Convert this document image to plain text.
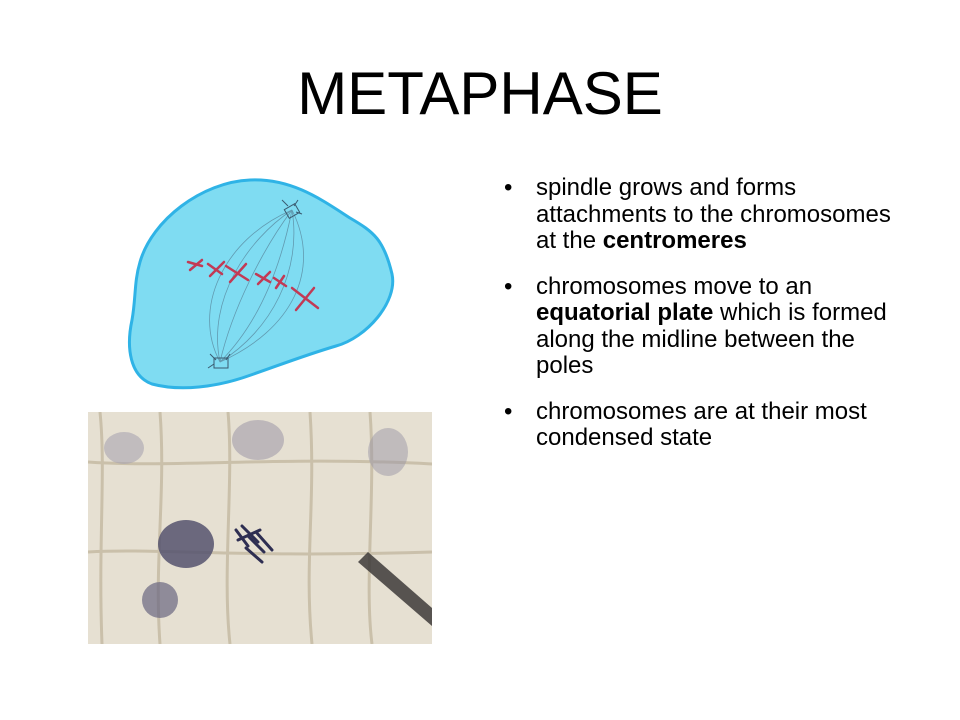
METAPHASE
• spindle grows and forms attachments to the chromosomes at the centromeres
• chromosomes move to an equatorial plate which is formed along the midline between the poles
• chromosomes are at their most condensed state
